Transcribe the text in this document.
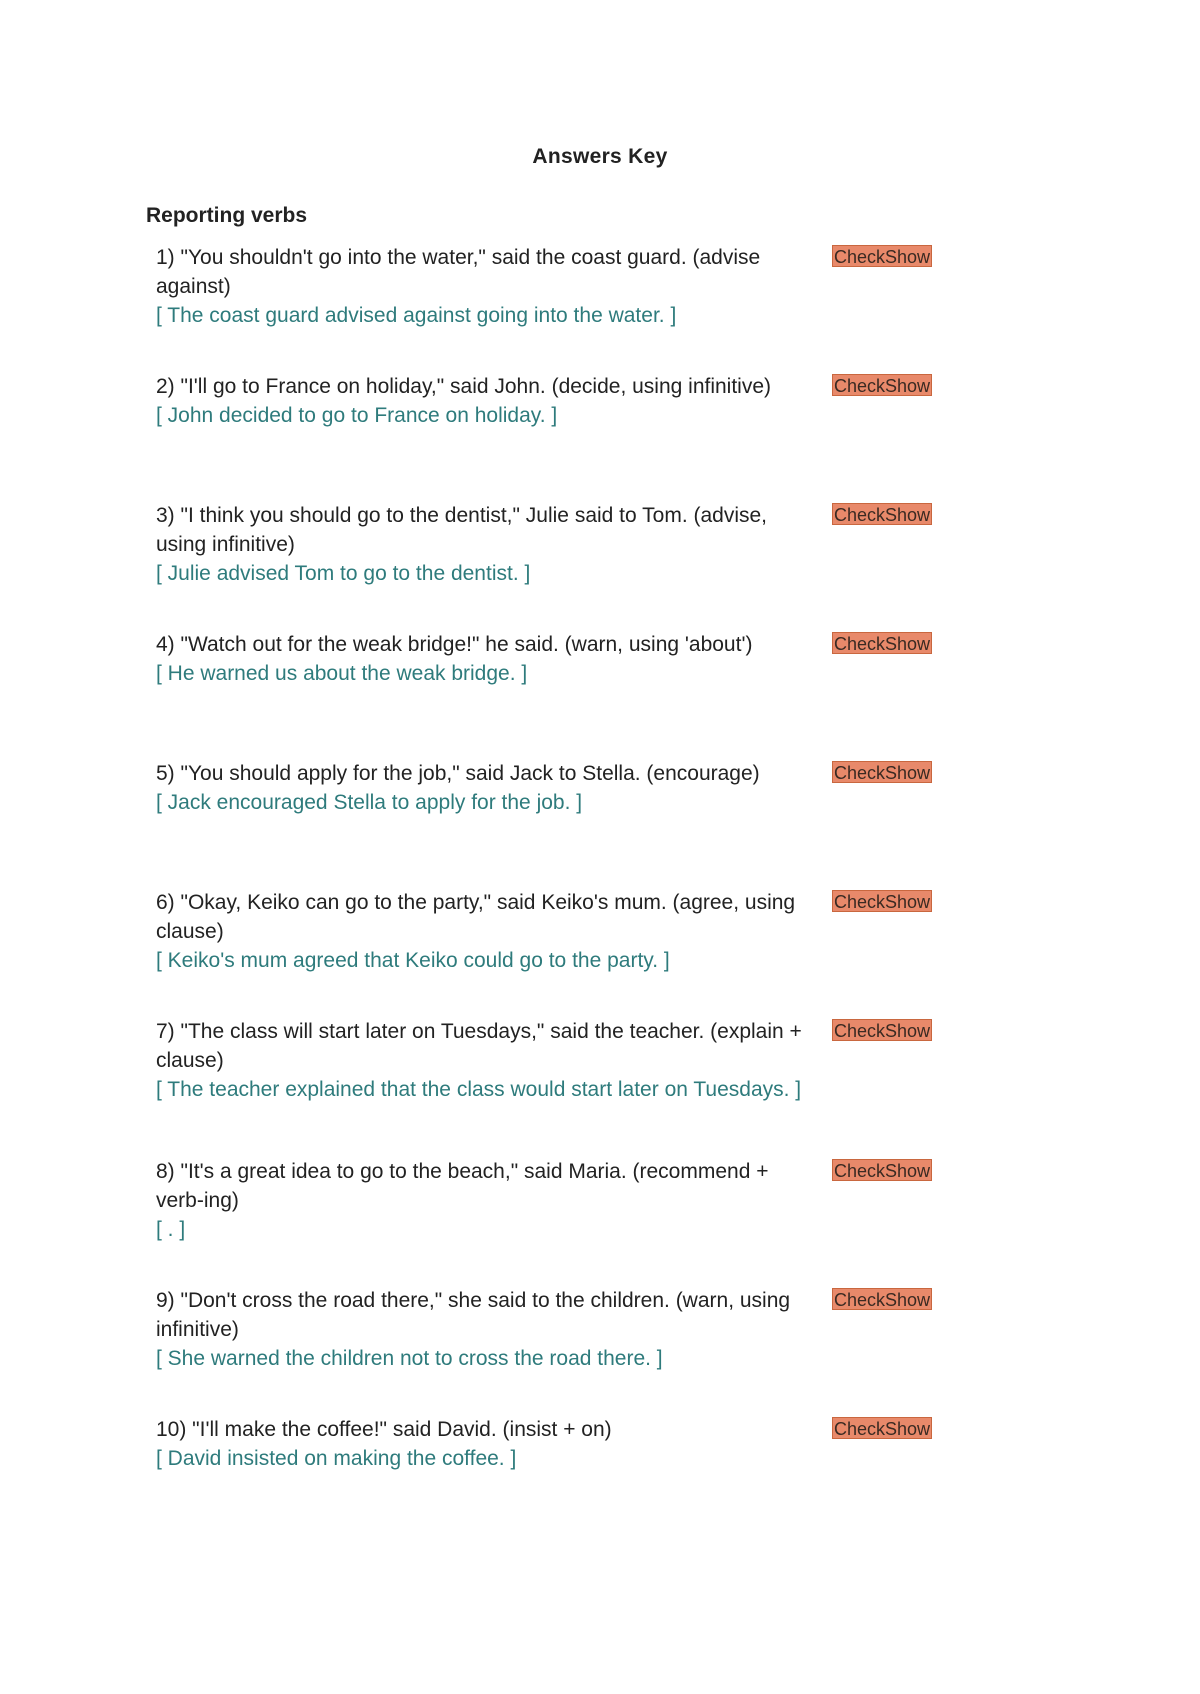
Answers Key
Reporting verbs
1) "You shouldn't go into the water," said the coast guard. (advise against)
[ The coast guard advised against going into the water. ]
CheckShow
2) "I'll go to France on holiday," said John. (decide, using infinitive)
[ John decided to go to France on holiday. ]
CheckShow
3) "I think you should go to the dentist," Julie said to Tom. (advise, using infinitive)
[ Julie advised Tom to go to the dentist. ]
CheckShow
4) "Watch out for the weak bridge!" he said. (warn, using 'about')
[ He warned us about the weak bridge. ]
CheckShow
5) "You should apply for the job," said Jack to Stella. (encourage)
[ Jack encouraged Stella to apply for the job. ]
CheckShow
6) "Okay, Keiko can go to the party," said Keiko's mum. (agree, using clause)
[ Keiko's mum agreed that Keiko could go to the party. ]
CheckShow
7) "The class will start later on Tuesdays," said the teacher. (explain + clause)
[ The teacher explained that the class would start later on Tuesdays. ]
CheckShow
8) "It's a great idea to go to the beach," said Maria. (recommend + verb-ing)
[ . ]
CheckShow
9) "Don't cross the road there," she said to the children. (warn, using infinitive)
[ She warned the children not to cross the road there. ]
CheckShow
10) "I'll make the coffee!" said David. (insist + on)
[ David insisted on making the coffee. ]
CheckShow
